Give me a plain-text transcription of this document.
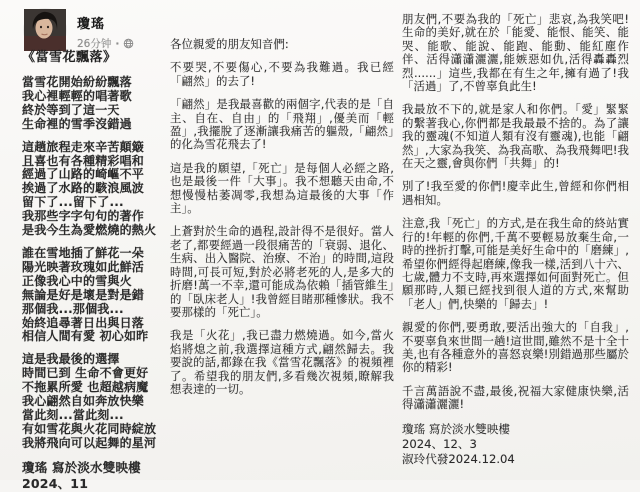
瓊瑤
26分钟 ·
《當雪花飄落》
當雪花開始紛紛飄落
我心裡輕輕的唱著歌
終於等到了這一天
生命裡的雪季沒錯過
這趟旅程走來辛苦顛簸
且喜也有各種精彩唱和
經過了山路的崎嶇不平
挨過了水路的駭浪風波
留下了...留下了...
我那些字字句句的著作
是我今生為愛燃燒的熱火
誰在雪地插了鮮花一朵
陽光映著玫瑰如此鮮活
正像我心中的雪與火
無論是好是壞是對是錯
那個我...那個我...
始終追尋著日出與日落
相信人間有愛 初心如昨
這是我最後的選擇
時間已到 生命不會更好
不拖累所愛 也超越病魔
我心翩然自如奔放快樂
當此刻...當此刻...
有如雪花與火花同時綻放
我將飛向可以起舞的星河
瓊瑤 寫於淡水雙映樓
2024、11

各位親愛的朋友知音們:

不要哭,不要傷心,不要為我難過。我已經「翩然」的去了!

「翩然」是我最喜歡的兩個字,代表的是「自主、自在、自由」的「飛翔」,優美而「輕盈」,我擺脫了逐漸讓我痛苦的軀殼,「翩然」的化為雪花飛去了!

這是我的願望,「死亡」是每個人必經之路,也是最後一件「大事」。我不想聽天由命,不想慢慢枯萎凋零,我想為這最後的大事「作主」。

上蒼對於生命的過程,設計得不是很好。當人老了,都要經過一段很痛苦的「衰弱、退化、生病、出入醫院、治療、不治」的時間,這段時間,可長可短,對於必將老死的人,是多大的折磨!萬一不幸,還可能成為依賴「插管維生」的「臥床老人」!我曾經目睹那種慘狀。我不要那樣的「死亡」。

我是「火花」,我已盡力燃燒過。如今,當火焰將熄之前,我選擇這種方式,翩然歸去。我要說的話,都錄在我《當雪花飄落》的視頻裡了。希望我的朋友們,多看幾次視頻,瞭解我想表達的一切。

朋友們,不要為我的「死亡」悲哀,為我笑吧!生命的美好,就在於「能愛、能恨、能笑、能哭、能歌、能說、能跑、能動、能紅塵作伴、活得瀟瀟灑灑,能嫉惡如仇,活得轟轟烈烈......」這些,我都在有生之年,擁有過了!我「活過」了,不曾辜負此生!

我最放不下的,就是家人和你們。「愛」緊緊的繫著我心,你們都是我最最不捨的。為了讓我的靈魂(不知道人類有沒有靈魂),也能「翩然」,大家為我笑、為我高歌、為我飛舞吧!我在天之靈,會與你們「共舞」的!

別了!我至愛的你們!慶幸此生,曾經和你們相遇相知。

注意,我「死亡」的方式,是在我生命的終站實行的!年輕的你們,千萬不要輕易放棄生命,一時的挫折打擊,可能是美好生命中的「磨練」,希望你們經得起磨練,像我一樣,活到八十六、七歲,體力不支時,再來選擇如何面對死亡。但願那時,人類已經找到很人道的方式,來幫助「老人」們,快樂的「歸去」!

親愛的你們,要勇敢,要活出強大的「自我」,不要辜負來世間一趟!這世間,雖然不是十全十美,也有各種意外的喜怒哀樂!別錯過那些屬於你的精彩!

千言萬語說不盡,最後,祝福大家健康快樂,活得瀟瀟灑灑!

瓊瑤 寫於淡水雙映樓
2024、12、3
淑玲代發2024.12.04
